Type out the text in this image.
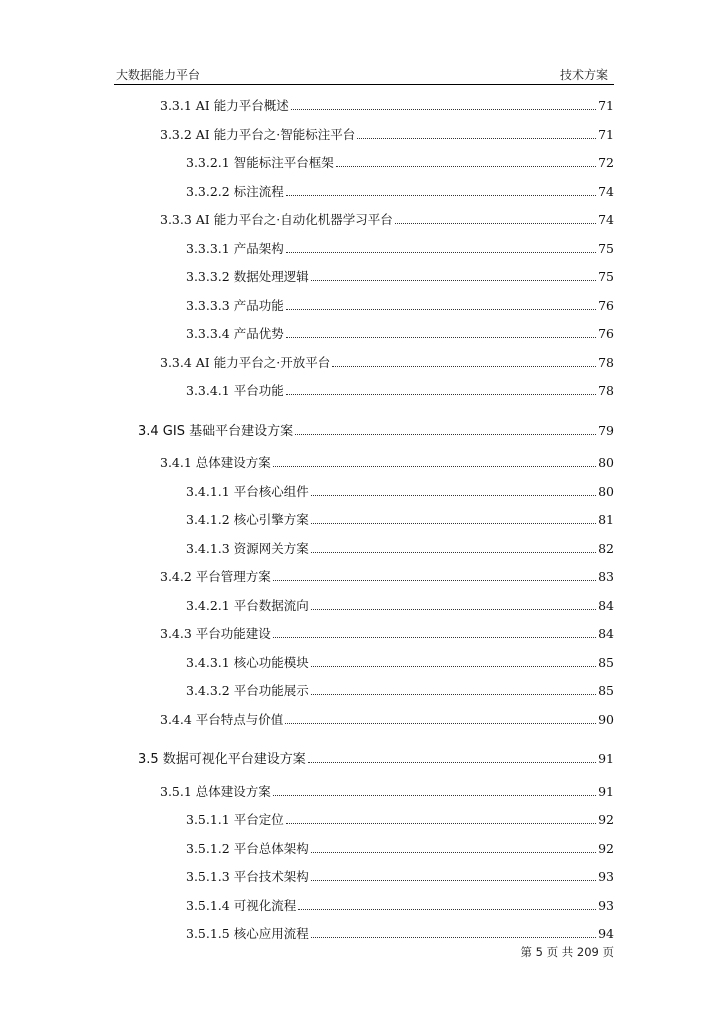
大数据能力平台	技术方案
3.3.1 AI 能力平台概述	71
3.3.2 AI 能力平台之·智能标注平台	71
3.3.2.1 智能标注平台框架	72
3.3.2.2 标注流程	74
3.3.3 AI 能力平台之·自动化机器学习平台	74
3.3.3.1 产品架构	75
3.3.3.2 数据处理逻辑	75
3.3.3.3 产品功能	76
3.3.3.4 产品优势	76
3.3.4 AI 能力平台之·开放平台	78
3.3.4.1 平台功能	78
3.4 GIS 基础平台建设方案	79
3.4.1 总体建设方案	80
3.4.1.1 平台核心组件	80
3.4.1.2 核心引擎方案	81
3.4.1.3 资源网关方案	82
3.4.2 平台管理方案	83
3.4.2.1 平台数据流向	84
3.4.3 平台功能建设	84
3.4.3.1 核心功能模块	85
3.4.3.2 平台功能展示	85
3.4.4 平台特点与价值	90
3.5 数据可视化平台建设方案	91
3.5.1 总体建设方案	91
3.5.1.1 平台定位	92
3.5.1.2 平台总体架构	92
3.5.1.3 平台技术架构	93
3.5.1.4 可视化流程	93
3.5.1.5 核心应用流程	94
第 5 页 共 209 页
